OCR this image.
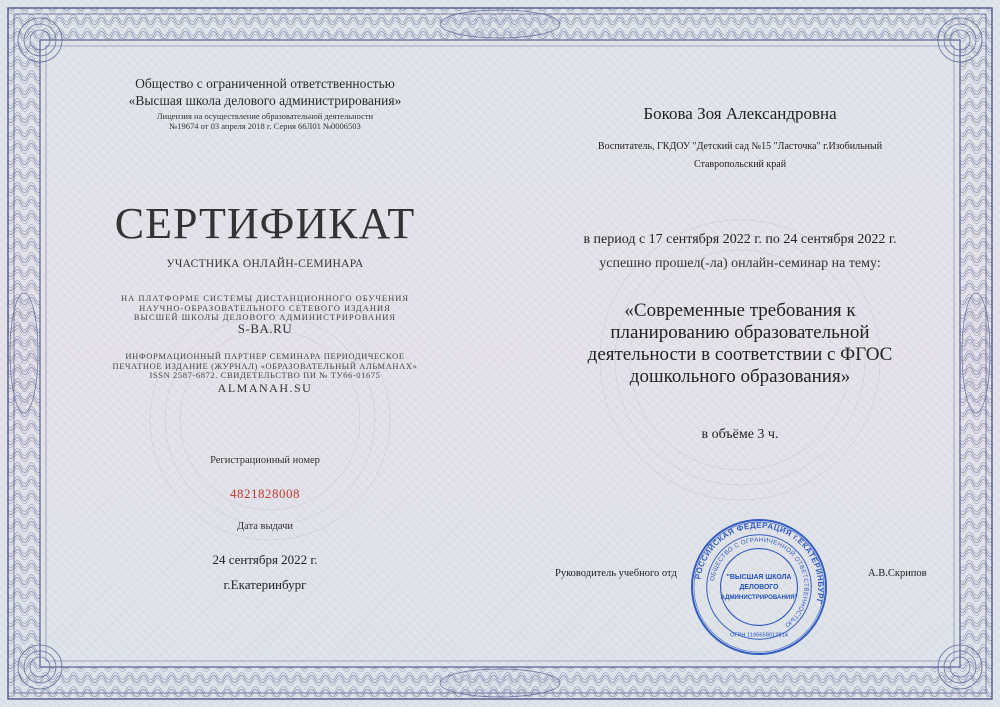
Общество с ограниченной ответственностью
«Высшая школа делового администрирования»
Лицензия на осуществление образовательной деятельности
№19674 от 03 апреля 2018 г. Серия 66Л01 №0006503
СЕРТИФИКАТ
УЧАСТНИКА ОНЛАЙН-СЕМИНАРА
НА ПЛАТФОРМЕ СИСТЕМЫ ДИСТАНЦИОННОГО ОБУЧЕНИЯ
НАУЧНО-ОБРАЗОВАТЕЛЬНОГО СЕТЕВОГО ИЗДАНИЯ
ВЫСШЕЙ ШКОЛЫ ДЕЛОВОГО АДМИНИСТРИРОВАНИЯ
S-BA.RU
ИНФОРМАЦИОННЫЙ ПАРТНЕР СЕМИНАРА ПЕРИОДИЧЕСКОЕ
ПЕЧАТНОЕ ИЗДАНИЕ (ЖУРНАЛ) «ОБРАЗОВАТЕЛЬНЫЙ АЛЬМАНАХ»
ISSN 2587-6872. СВИДЕТЕЛЬСТВО ПИ № ТУ66-01675
ALMANAH.SU
Регистрационный номер
4821828008
Дата выдачи
24 сентября 2022 г.
г.Екатеринбург
Бокова Зоя Александровна
Воспитатель, ГКДОУ "Детский сад №15 "Ласточка" г.Изобильный
Ставропольский край
в период с 17 сентября 2022 г. по 24 сентября 2022 г.
успешно прошел(-ла) онлайн-семинар на тему:
«Современные требования к
планированию образовательной
деятельности в соответствии с ФГОС
дошкольного образования»
в объёме 3 ч.
Руководитель учебного отд	А.В.Скрипов
РОССИЙСКАЯ ФЕДЕРАЦИЯ г.ЕКАТЕРИНБУРГ
ОБЩЕСТВО С ОГРАНИЧЕННОЙ ОТВЕТСТВЕННОСТЬЮ
"ВЫСШАЯ ШКОЛА
ДЕЛОВОГО
АДМИНИСТРИРОВАНИЯ"
ОГРН 1196658012814
